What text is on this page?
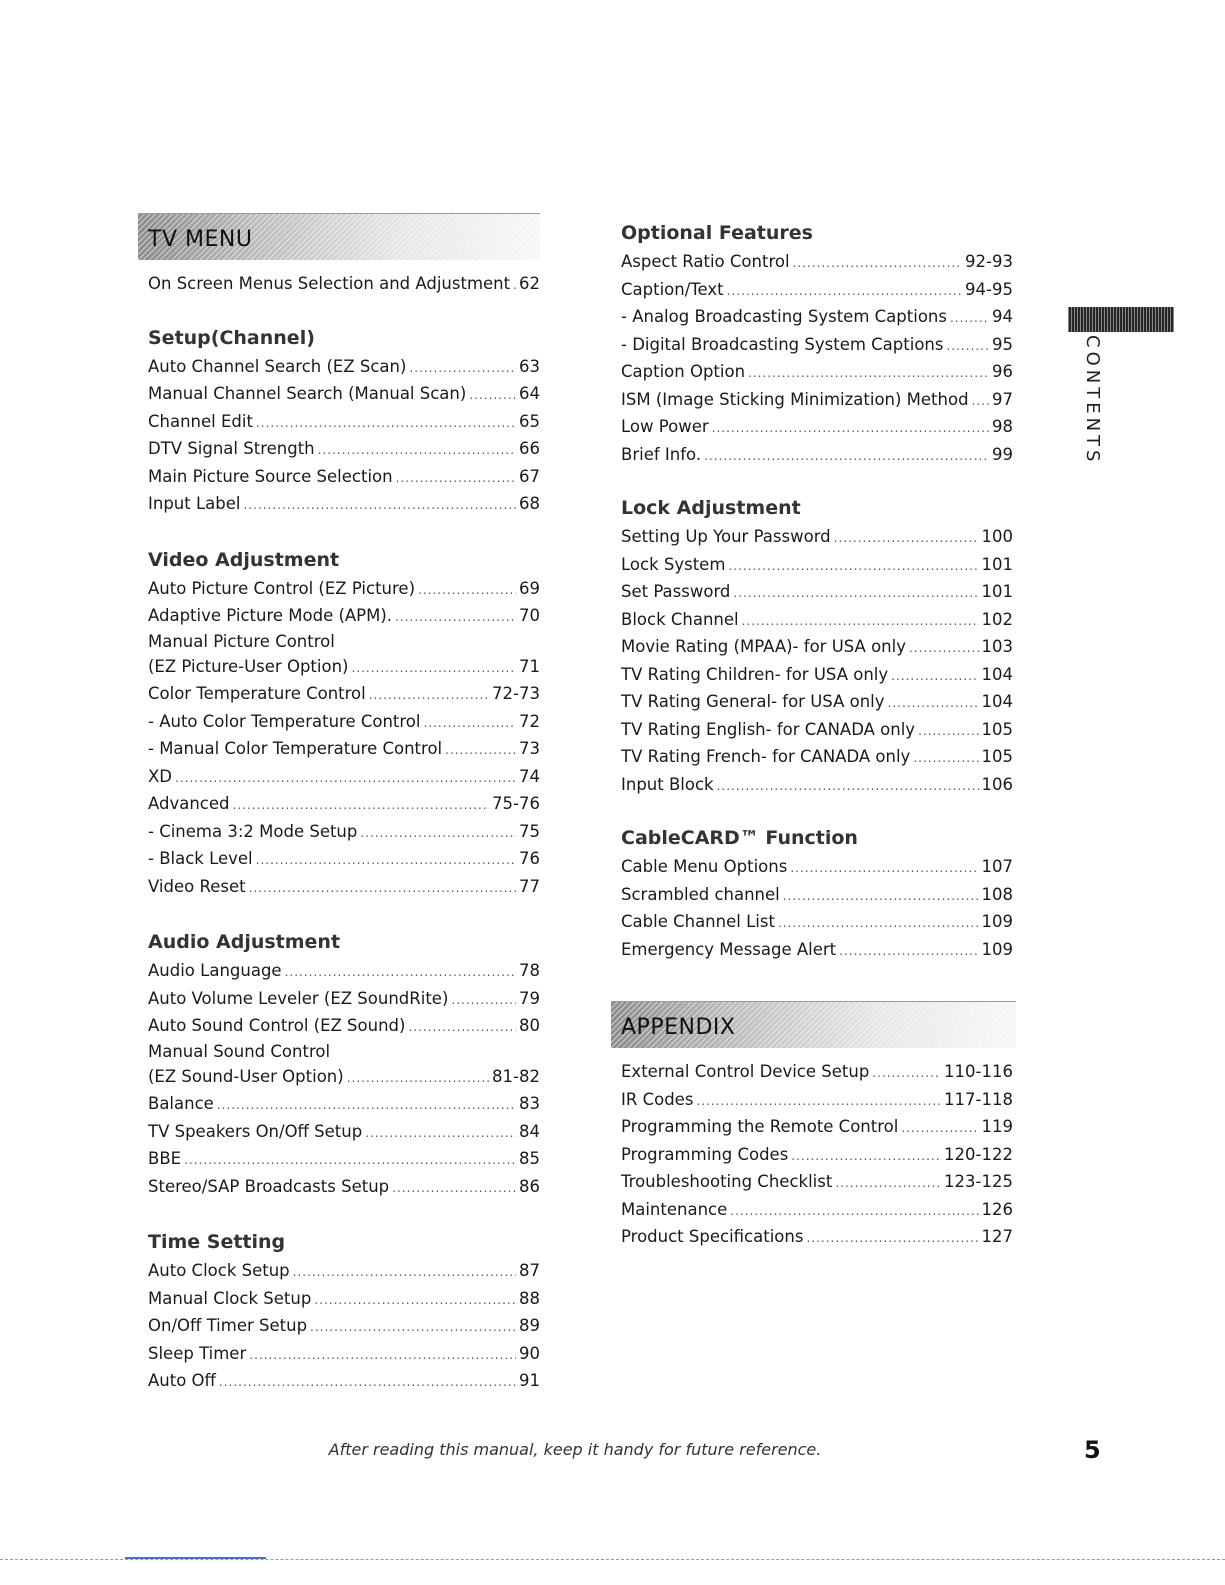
TV MENU
On Screen Menus Selection and Adjustment ..... 62
Setup(Channel)
Auto Channel Search (EZ Scan) .....	63
Manual Channel Search (Manual Scan) .....	64
Channel Edit .....	65
DTV Signal Strength .....	66
Main Picture Source Selection .....	67
Input Label .....	68
Video Adjustment
Auto Picture Control (EZ Picture) .....	69
Adaptive Picture Mode (APM). .....	70
Manual Picture Control
(EZ Picture-User Option) .....	71
Color Temperature Control .....	72-73
- Auto Color Temperature Control .....	72
- Manual Color Temperature Control .....	73
XD .....	74
Advanced .....	75-76
- Cinema 3:2 Mode Setup .....	75
- Black Level .....	76
Video Reset .....	77
Audio Adjustment
Audio Language .....	78
Auto Volume Leveler (EZ SoundRite) .....	79
Auto Sound Control (EZ Sound) .....	80
Manual Sound Control
(EZ Sound-User Option) .....	81-82
Balance .....	83
TV Speakers On/Off Setup .....	84
BBE .....	85
Stereo/SAP Broadcasts Setup .....	86
Time Setting
Auto Clock Setup .....	87
Manual Clock Setup .....	88
On/Off Timer Setup .....	89
Sleep Timer .....	90
Auto Off .....	91
Optional Features
Aspect Ratio Control .....	92-93
Caption/Text .....	94-95
- Analog Broadcasting System Captions .....	94
- Digital Broadcasting System Captions .....	95
Caption Option .....	96
ISM (Image Sticking Minimization) Method ..... 97
Low Power .....	98
Brief Info. .....	99
Lock Adjustment
Setting Up Your Password .....	100
Lock System .....	101
Set Password .....	101
Block Channel .....	102
Movie Rating (MPAA)- for USA only .....	103
TV Rating Children- for USA only .....	104
TV Rating General- for USA only .....	104
TV Rating English- for CANADA only .....	105
TV Rating French- for CANADA only .....	105
Input Block .....	106
CableCARD™ Function
Cable Menu Options .....	107
Scrambled channel .....	108
Cable Channel List .....	109
Emergency Message Alert .....	109
APPENDIX
External Control Device Setup .....	110-116
IR Codes .....	117-118
Programming the Remote Control .....	119
Programming Codes .....	120-122
Troubleshooting Checklist .....	123-125
Maintenance .....	126
Product Specifications .....	127
CONTENTS
After reading this manual, keep it handy for future reference.	5
